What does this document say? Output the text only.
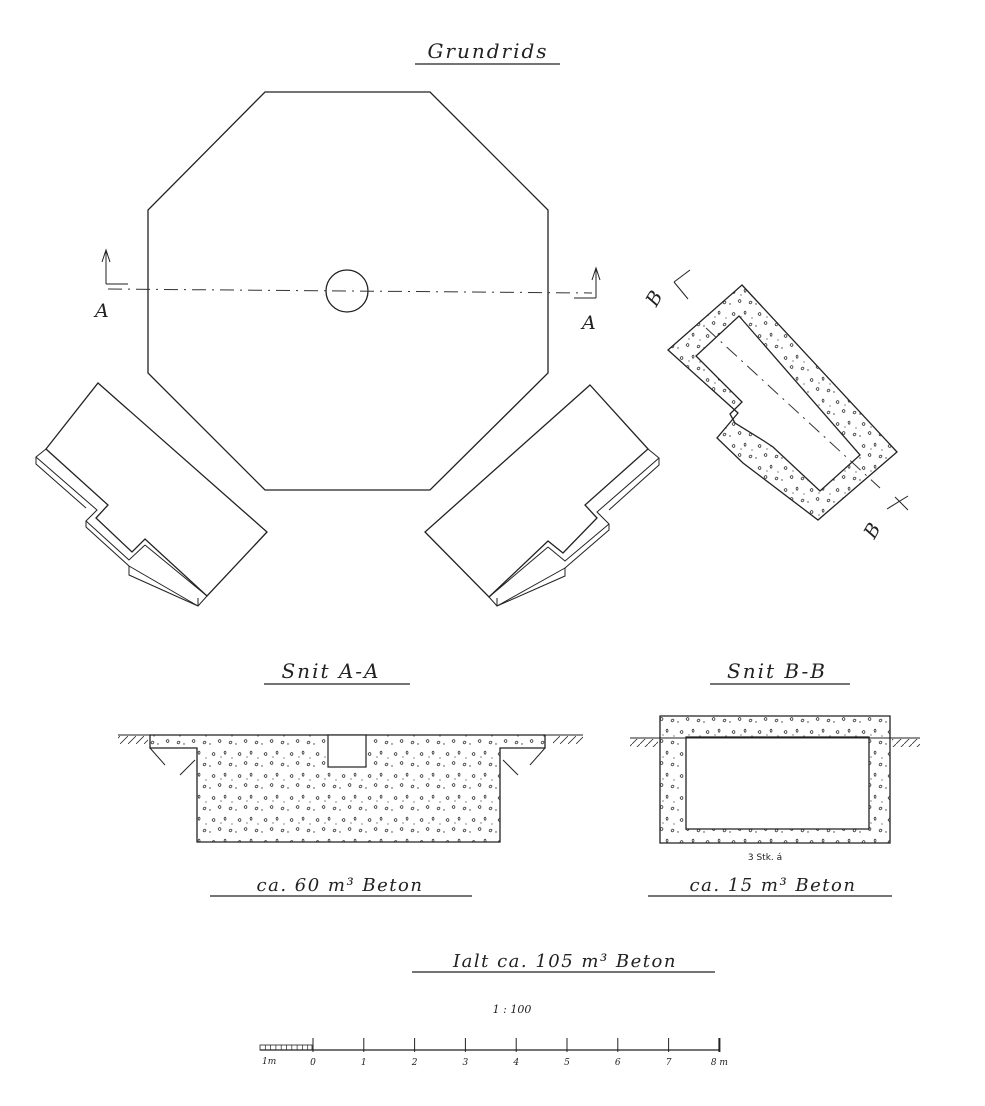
Grundrids
A
A
B
B
Snit A-A
ca. 60 m³ Beton
Snit B-B
3 Stk. á
ca. 15 m³ Beton
Ialt ca. 105 m³ Beton
1 : 100
1m	0	1	2	3	4	5	6	7	8 m
